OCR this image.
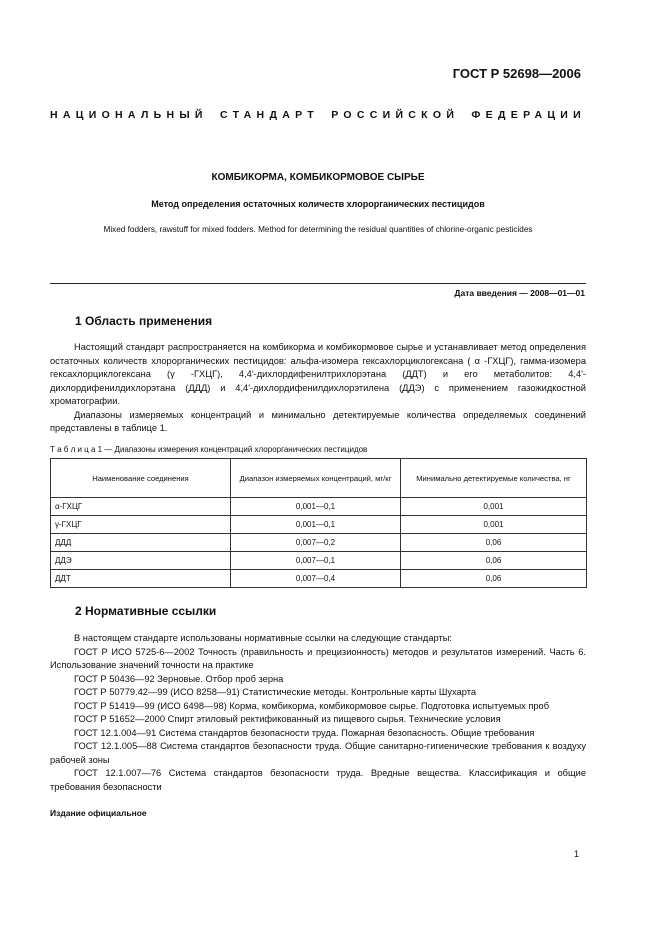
ГОСТ Р 52698—2006
НАЦИОНАЛЬНЫЙ СТАНДАРТ РОССИЙСКОЙ ФЕДЕРАЦИИ
КОМБИКОРМА, КОМБИКОРМОВОЕ СЫРЬЕ
Метод определения остаточных количеств хлорорганических пестицидов
Mixed fodders, rawstuff for mixed fodders. Method for determining the residual quantities of chlorine-organic pesticides
Дата введения — 2008—01—01
1 Область применения

Настоящий стандарт распространяется на комбикорма и комбикормовое сырье и устанавливает метод определения остаточных количеств хлорорганических пестицидов: альфа-изомера гексахлорциклогексана ( α -ГХЦГ), гамма-изомера гексахлорциклогексана (γ -ГХЦГ), 4,4'-дихлордифенилтрихлорэтана (ДДТ) и его метаболитов: 4,4'-дихлордифенилдихлорэтана (ДДД) и 4,4'-дихлордифенилдихлорэтилена (ДДЭ) с применением газожидкостной хроматографии.

Диапазоны измеряемых концентраций и минимально детектируемые количества определяемых соединений представлены в таблице 1.

Т а б л и ц а 1 — Диапазоны измерения концентраций хлорорганических пестицидов
Наименование соединения	Диапазон измеряемых концентраций, мг/кг	Минимально детектируемые количества, нг
α-ГХЦГ	0,001—0,1	0,001
γ-ГХЦГ	0,001—0,1	0,001
ДДД	0,007—0,2	0,06
ДДЭ	0,007—0,1	0,06
ДДТ	0,007—0,4	0,06
2 Нормативные ссылки

В настоящем стандарте использованы нормативные ссылки на следующие стандарты:

ГОСТ Р ИСО 5725-6—2002 Точность (правильность и прецизионность) методов и результатов измерений. Часть 6. Использование значений точности на практике

ГОСТ Р 50436—92 Зерновые. Отбор проб зерна

ГОСТ Р 50779.42—99 (ИСО 8258—91) Статистические методы. Контрольные карты Шухарта

ГОСТ Р 51419—99 (ИСО 6498—98) Корма, комбикорма, комбикормовое сырье. Подготовка испытуемых проб

ГОСТ Р 51652—2000 Спирт этиловый ректификованный из пищевого сырья. Технические условия

ГОСТ 12.1.004—91 Система стандартов безопасности труда. Пожарная безопасность. Общие требования

ГОСТ 12.1.005—88 Система стандартов безопасности труда. Общие санитарно-гигиенические требования к воздуху рабочей зоны

ГОСТ 12.1.007—76 Система стандартов безопасности труда. Вредные вещества. Классификация и общие требования безопасности

Издание официальное
1
